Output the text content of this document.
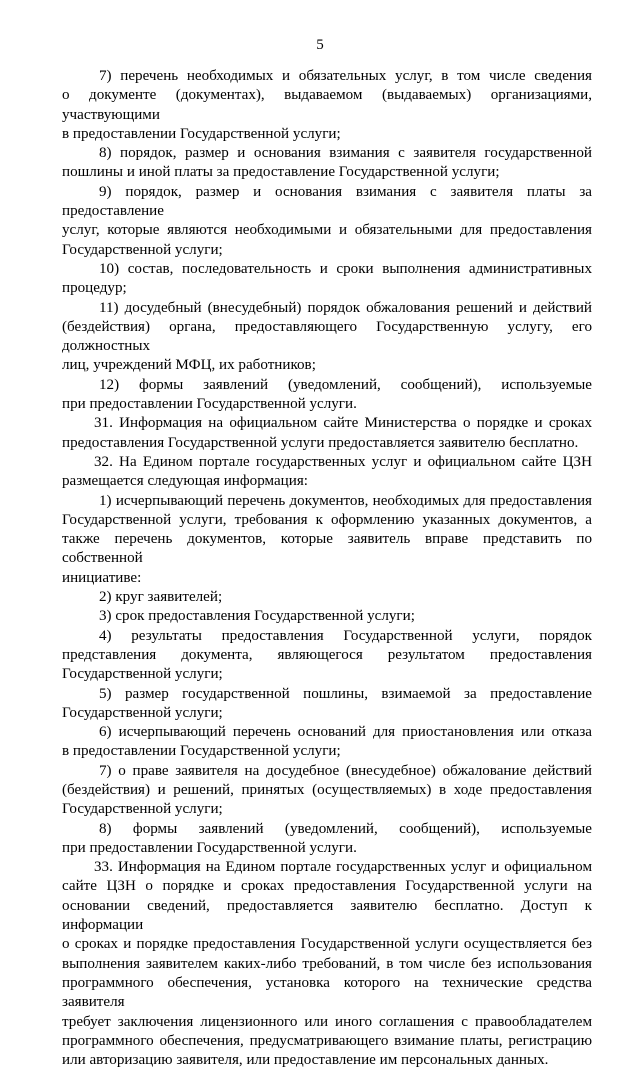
5
7) перечень необходимых и обязательных услуг, в том числе сведения
о документе (документах), выдаваемом (выдаваемых) организациями, участвующими
в предоставлении Государственной услуги;
8) порядок, размер и основания взимания с заявителя государственной
пошлины и иной платы за предоставление Государственной услуги;
9) порядок, размер и основания взимания с заявителя платы за предоставление
услуг, которые являются необходимыми и обязательными для предоставления
Государственной услуги;
10) состав, последовательность и сроки выполнения административных
процедур;
11) досудебный (внесудебный) порядок обжалования решений и действий
(бездействия) органа, предоставляющего Государственную услугу, его должностных
лиц, учреждений МФЦ, их работников;
12) формы заявлений (уведомлений, сообщений), используемые
при предоставлении Государственной услуги.
31. Информация на официальном сайте Министерства о порядке и сроках
предоставления Государственной услуги предоставляется заявителю бесплатно.
32. На Едином портале государственных услуг и официальном сайте ЦЗН
размещается следующая информация:
1) исчерпывающий перечень документов, необходимых для предоставления
Государственной услуги, требования к оформлению указанных документов, а
также перечень документов, которые заявитель вправе представить по собственной
инициативе:
2) круг заявителей;
3) срок предоставления Государственной услуги;
4) результаты предоставления Государственной услуги, порядок
представления документа, являющегося результатом предоставления
Государственной услуги;
5) размер государственной пошлины, взимаемой за предоставление
Государственной услуги;
6) исчерпывающий перечень оснований для приостановления или отказа
в предоставлении Государственной услуги;
7) о праве заявителя на досудебное (внесудебное) обжалование действий
(бездействия) и решений, принятых (осуществляемых) в ходе предоставления
Государственной услуги;
8) формы заявлений (уведомлений, сообщений), используемые
при предоставлении Государственной услуги.
33. Информация на Едином портале государственных услуг и официальном
сайте ЦЗН о порядке и сроках предоставления Государственной услуги на
основании сведений, предоставляется заявителю бесплатно. Доступ к информации
о сроках и порядке предоставления Государственной услуги осуществляется без
выполнения заявителем каких-либо требований, в том числе без использования
программного обеспечения, установка которого на технические средства заявителя
требует заключения лицензионного или иного соглашения с правообладателем
программного обеспечения, предусматривающего взимание платы, регистрацию
или авторизацию заявителя, или предоставление им персональных данных.
